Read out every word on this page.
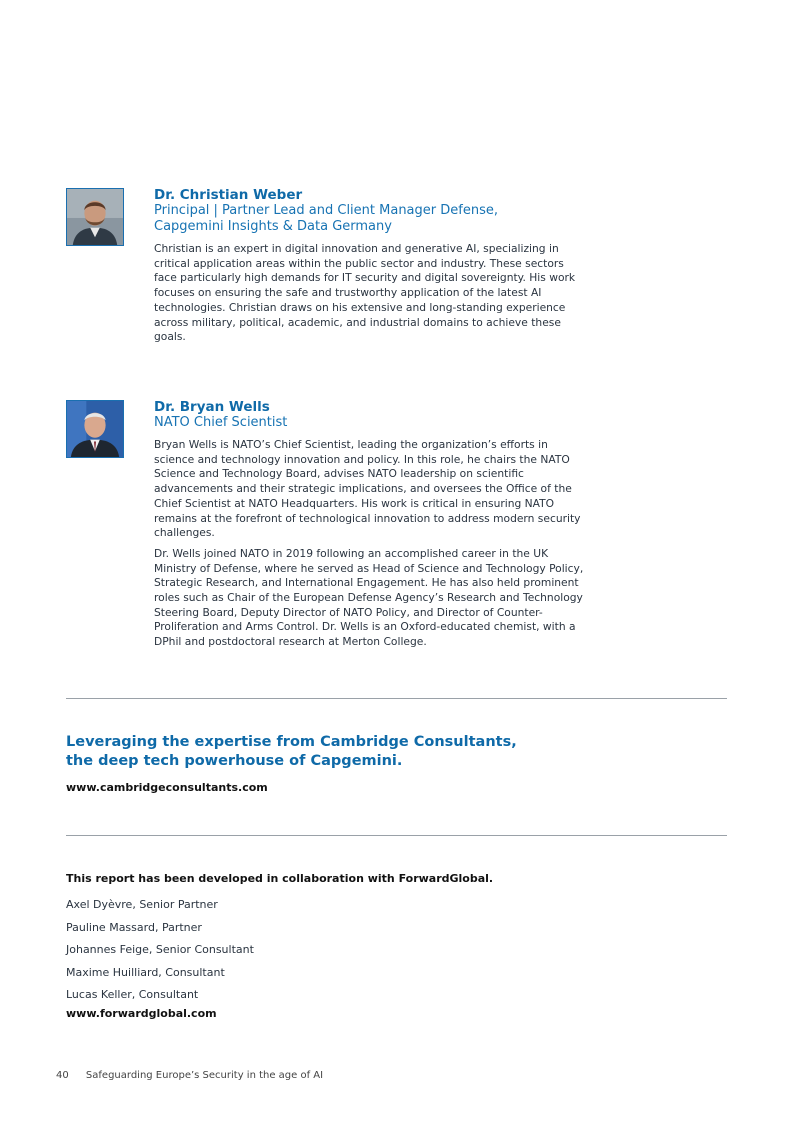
Dr. Christian Weber

Principal | Partner Lead and Client Manager Defense,
Capgemini Insights & Data Germany

Christian is an expert in digital innovation and generative AI, specializing in critical application areas within the public sector and industry. These sectors face particularly high demands for IT security and digital sovereignty. His work focuses on ensuring the safe and trustworthy application of the latest AI technologies. Christian draws on his extensive and long-standing experience across military, political, academic, and industrial domains to achieve these goals.

Dr. Bryan Wells

NATO Chief Scientist

Bryan Wells is NATO’s Chief Scientist, leading the organization’s efforts in science and technology innovation and policy. In this role, he chairs the NATO Science and Technology Board, advises NATO leadership on scientific advancements and their strategic implications, and oversees the Office of the Chief Scientist at NATO Headquarters. His work is critical in ensuring NATO remains at the forefront of technological innovation to address modern security challenges.

Dr. Wells joined NATO in 2019 following an accomplished career in the UK Ministry of Defense, where he served as Head of Science and Technology Policy, Strategic Research, and International Engagement. He has also held prominent roles such as Chair of the European Defense Agency’s Research and Technology Steering Board, Deputy Director of NATO Policy, and Director of Counter-Proliferation and Arms Control. Dr. Wells is an Oxford-educated chemist, with a DPhil and postdoctoral research at Merton College.

Leveraging the expertise from Cambridge Consultants,
the deep tech powerhouse of Capgemini.

www.cambridgeconsultants.com

This report has been developed in collaboration with ForwardGlobal.

Axel Dyèvre, Senior Partner
Pauline Massard, Partner
Johannes Feige, Senior Consultant
Maxime Huilliard, Consultant
Lucas Keller, Consultant

www.forwardglobal.com

40 Safeguarding Europe’s Security in the age of AI
